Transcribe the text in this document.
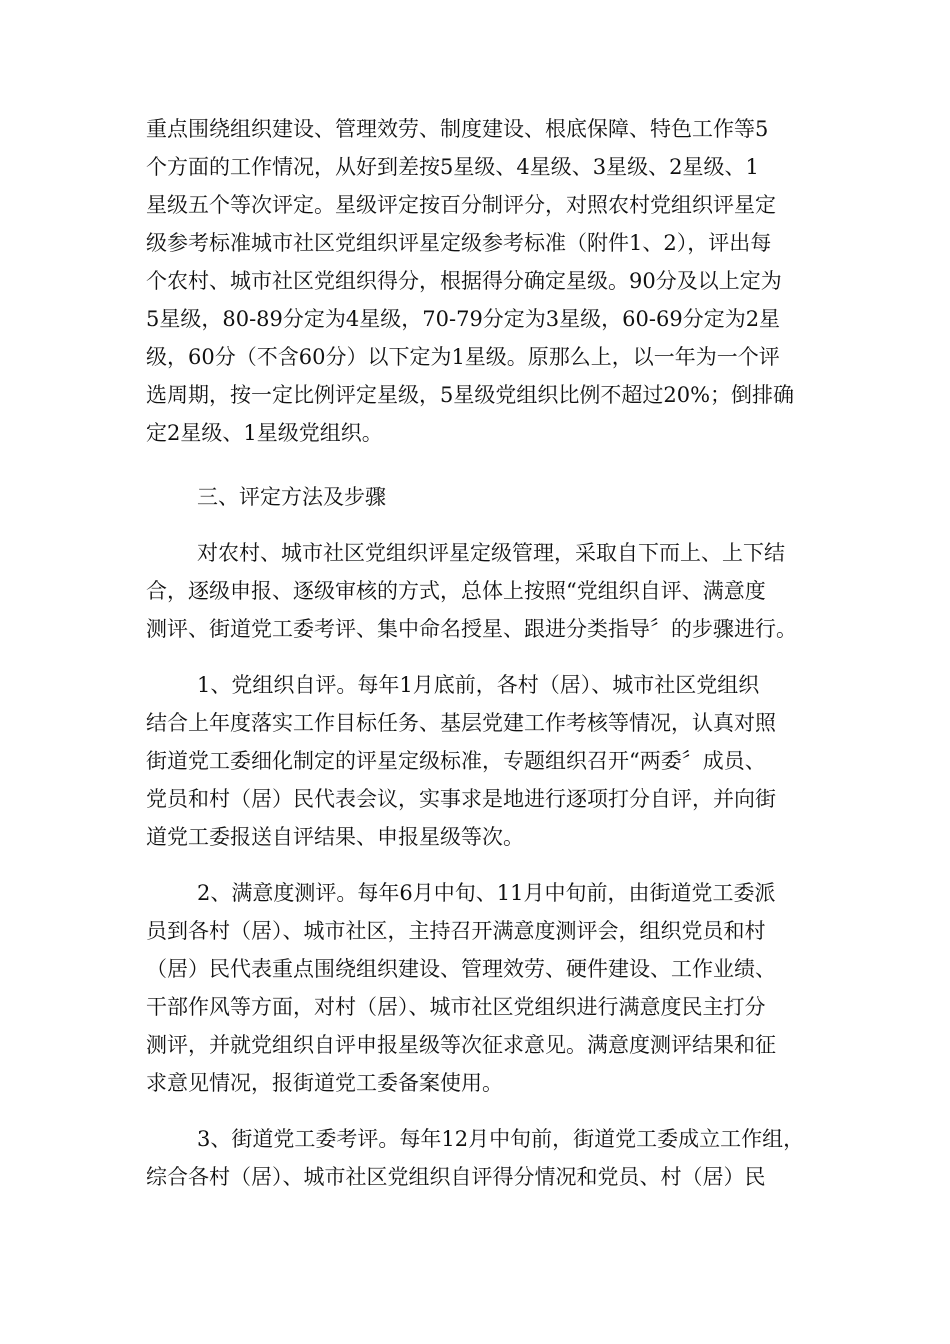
重点围绕组织建设、管理效劳、制度建设、根底保障、特色工作等5
个方面的工作情况，从好到差按5星级、4星级、3星级、2星级、1
星级五个等次评定。星级评定按百分制评分，对照农村党组织评星定
级参考标准城市社区党组织评星定级参考标准（附件1、2），评出每
个农村、城市社区党组织得分，根据得分确定星级。90分及以上定为
5星级，80-89分定为4星级，70-79分定为3星级，60-69分定为2星
级，60分（不含60分）以下定为1星级。原那么上，以一年为一个评
选周期，按一定比例评定星级，5星级党组织比例不超过20%；倒排确
定2星级、1星级党组织。
三、评定方法及步骤
对农村、城市社区党组织评星定级管理，采取自下而上、上下结
合，逐级申报、逐级审核的方式，总体上按照“党组织自评、满意度
测评、街道党工委考评、集中命名授星、跟进分类指导〞的步骤进行。
1、党组织自评。每年1月底前，各村（居）、城市社区党组织
结合上年度落实工作目标任务、基层党建工作考核等情况，认真对照
街道党工委细化制定的评星定级标准，专题组织召开“两委〞成员、
党员和村（居）民代表会议，实事求是地进行逐项打分自评，并向街
道党工委报送自评结果、申报星级等次。
2、满意度测评。每年6月中旬、11月中旬前，由街道党工委派
员到各村（居）、城市社区，主持召开满意度测评会，组织党员和村
（居）民代表重点围绕组织建设、管理效劳、硬件建设、工作业绩、
干部作风等方面，对村（居）、城市社区党组织进行满意度民主打分
测评，并就党组织自评申报星级等次征求意见。满意度测评结果和征
求意见情况，报街道党工委备案使用。
3、街道党工委考评。每年12月中旬前，街道党工委成立工作组，
综合各村（居）、城市社区党组织自评得分情况和党员、村（居）民
